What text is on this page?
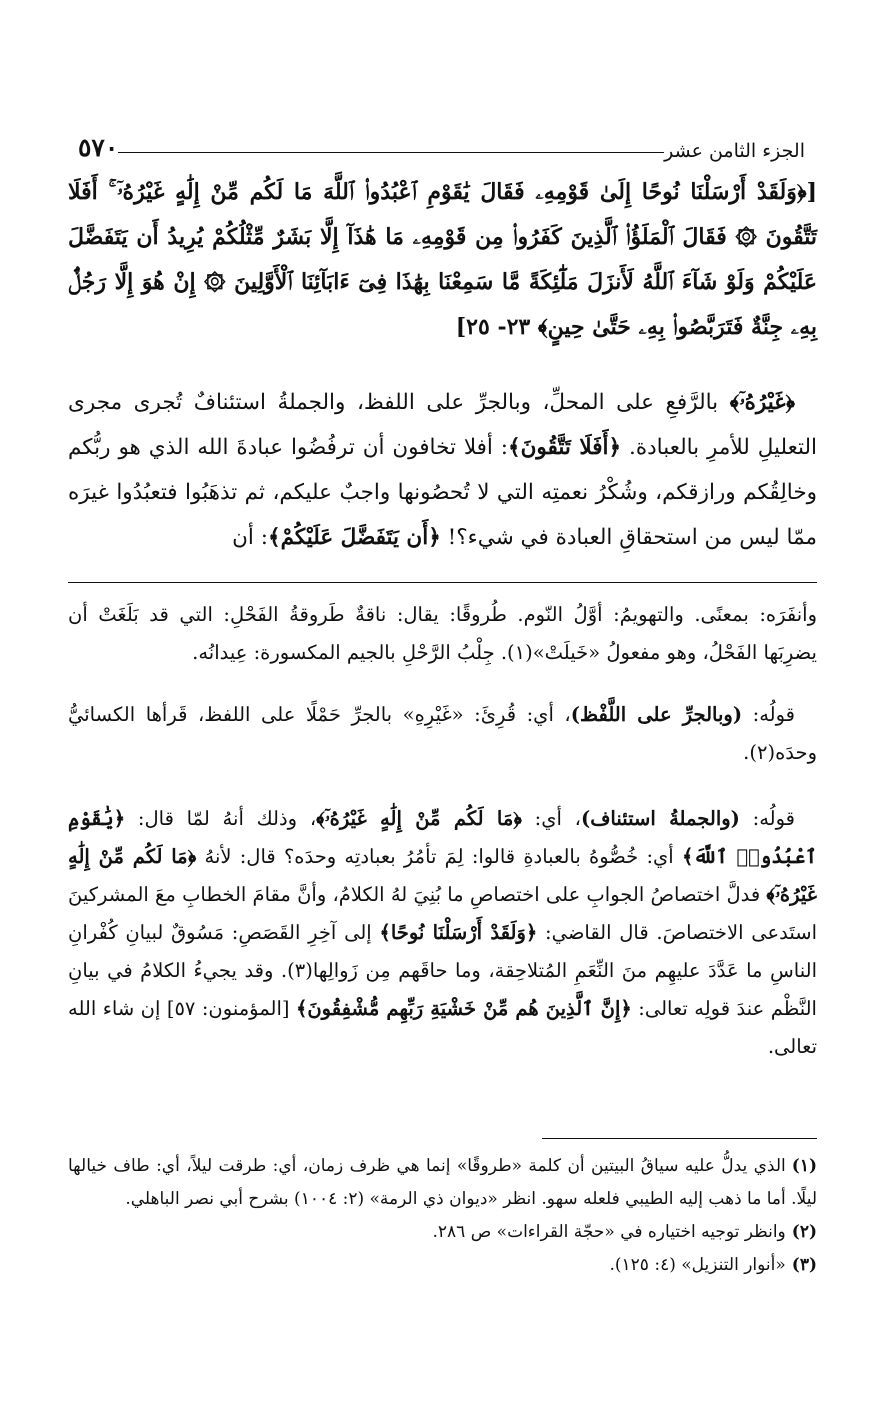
الجزء الثامن عشر
٥٧٠
[﴿وَلَقَدْ أَرْسَلْنَا نُوحًا إِلَىٰ قَوْمِهِۦ فَقَالَ يَٰقَوْمِ ٱعْبُدُوا۟ ٱللَّهَ مَا لَكُم مِّنْ إِلَٰهٍ غَيْرُهُۥٓ ۚ أَفَلَا تَتَّقُونَ ۞ فَقَالَ ٱلْمَلَؤُا۟ ٱلَّذِينَ كَفَرُوا۟ مِن قَوْمِهِۦ مَا هَٰذَآ إِلَّا بَشَرٌ مِّثْلُكُمْ يُرِيدُ أَن يَتَفَضَّلَ عَلَيْكُمْ وَلَوْ شَآءَ ٱللَّهُ لَأَنزَلَ مَلَٰٓئِكَةً مَّا سَمِعْنَا بِهَٰذَا فِىٓ ءَابَآئِنَا ٱلْأَوَّلِينَ ۞ إِنْ هُوَ إِلَّا رَجُلٌۢ بِهِۦ جِنَّةٌ فَتَرَبَّصُوا۟ بِهِۦ حَتَّىٰ حِينٍ﴾ ٢٣- ٢٥]
﴿غَيْرُهُۥٓ﴾ بالرَّفعِ على المحلِّ، وبالجرِّ على اللفظ، والجملةُ استئنافٌ تُجرى مجرى التعليلِ للأمرِ بالعبادة. ﴿أَفَلَا تَتَّقُونَ﴾: أفلا تخافون أن ترفُضُوا عبادةَ الله الذي هو ربُّكم وخالِقُكم ورازقكم، وشُكْرُ نعمتِه التي لا تُحصُونها واجبٌ عليكم، ثم تذهَبُوا فتعبُدُوا غيرَه ممّا ليس من استحقاقِ العبادة في شيء؟! ﴿أَن يَتَفَضَّلَ عَلَيْكُمْ﴾: أن
وأنفَرَه: بمعنًى. والتهويمُ: أوَّلُ النّوم. طُروقًا: يقال: ناقةٌ طَروقةُ الفَحْلِ: التي قد بَلَغَتْ أن يضرِبَها الفَحْلُ، وهو مفعولُ «خَيلَتْ»(١). جِلْبُ الرَّحْلِ بالجيم المكسورة: عِيدانُه.
قولُه: (وبالجرِّ على اللَّفْظ)، أي: قُرِئَ: «غَيْرِهِ» بالجرِّ حَمْلًا على اللفظ، قَرأها الكسائيُّ وحدَه(٢).
قولُه: (والجملةُ استئناف)، أي: ﴿مَا لَكُم مِّنْ إِلَٰهٍ غَيْرُهُۥٓ﴾، وذلك أنهُ لمّا قال: ﴿يَٰقَوْمِ ٱعْبُدُوا۟ ٱللَّهَ﴾ أي: خُصُّوهُ بالعبادةِ قالوا: لِمَ تأمُرُ بعبادتِه وحدَه؟ قال: لأنهُ ﴿مَا لَكُم مِّنْ إِلَٰهٍ غَيْرُهُۥٓ﴾ فدلَّ اختصاصُ الجوابِ على اختصاصِ ما بُنِيَ لهُ الكلامُ، وأنَّ مقامَ الخطابِ معَ المشركينَ استَدعى الاختصاصَ. قال القاضي: ﴿وَلَقَدْ أَرْسَلْنَا نُوحًا﴾ إلى آخِرِ القَصَصِ: مَسُوقٌ لبيانِ كُفْرانِ الناسِ ما عَدَّدَ عليهِم منَ النِّعَمِ المُتلاحِقة، وما حاقَهم مِن زَوالِها(٣). وقد يجيءُ الكلامُ في بيانِ النَّظْم عندَ قولِه تعالى: ﴿إِنَّ ٱلَّذِينَ هُم مِّنْ خَشْيَةِ رَبِّهِم مُّشْفِقُونَ﴾ [المؤمنون: ٥٧] إن شاء الله تعالى.
(١)الذي يدلُّ عليه سياقُ البيتين أن كلمة «طروقًا» إنما هي ظرف زمان، أي: طرقت ليلاً، أي: طاف خيالها ليلًا. أما ما ذهب إليه الطيبي فلعله سهو. انظر «ديوان ذي الرمة» (٢: ١٠٠٤) بشرح أبي نصر الباهلي.
(٢)وانظر توجيه اختياره في «حجّة القراءات» ص ٢٨٦.
(٣)«أنوار التنزيل» (٤: ١٢٥).
